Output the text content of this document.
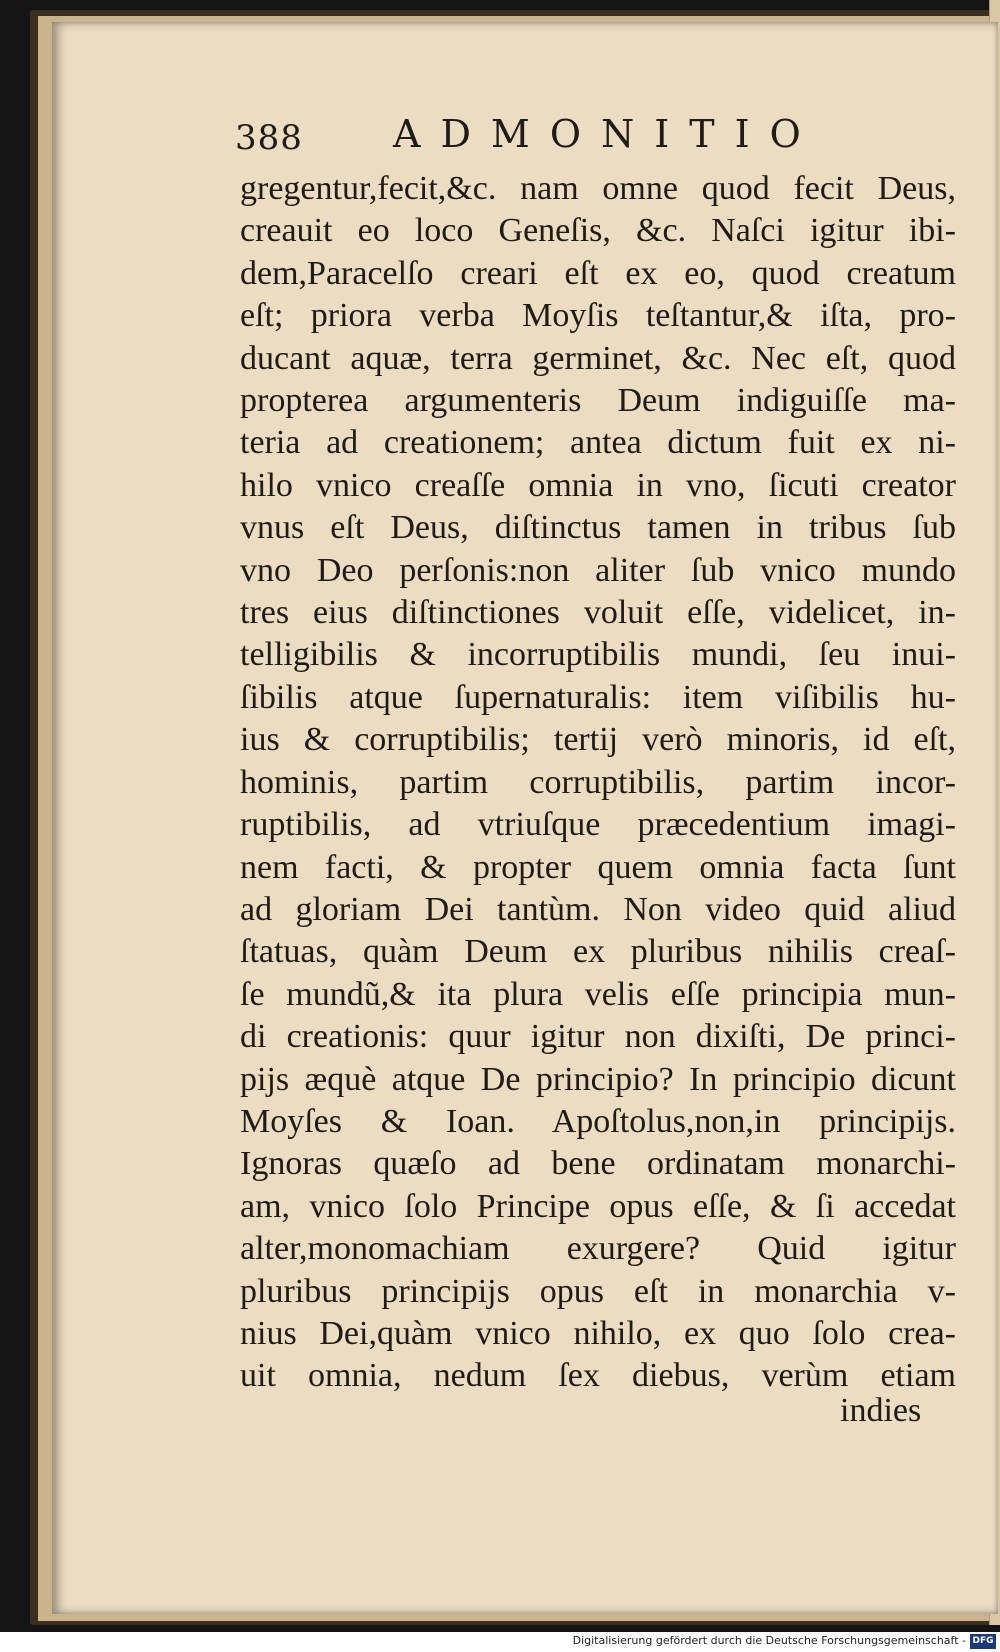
388 ADMONITIO
gregentur,fecit,&c. nam omne quod fecit Deus,
creauit eo loco Geneſis, &c. Naſci igitur ibi-
dem,Paracelſo creari eſt ex eo, quod creatum
eſt; priora verba Moyſis teſtantur,& iſta, pro-
ducant aquæ, terra germinet, &c. Nec eſt, quod
propterea argumenteris Deum indiguiſſe ma-
teria ad creationem; antea dictum fuit ex ni-
hilo vnico creaſſe omnia in vno, ſicuti creator
vnus eſt Deus, diſtinctus tamen in tribus ſub
vno Deo perſonis:non aliter ſub vnico mundo
tres eius diſtinctiones voluit eſſe, videlicet, in-
telligibilis & incorruptibilis mundi, ſeu inui-
ſibilis atque ſupernaturalis: item viſibilis hu-
ius & corruptibilis; tertij verò minoris, id eſt,
hominis, partim corruptibilis, partim incor-
ruptibilis, ad vtriuſque præcedentium imagi-
nem facti, & propter quem omnia facta ſunt
ad gloriam Dei tantùm. Non video quid aliud
ſtatuas, quàm Deum ex pluribus nihilis creaſ-
ſe mundũ,& ita plura velis eſſe principia mun-
di creationis: quur igitur non dixiſti, De princi-
pijs æquè atque De principio? In principio dicunt
Moyſes & Ioan. Apoſtolus,non,in principijs.
Ignoras quæſo ad bene ordinatam monarchi-
am, vnico ſolo Principe opus eſſe, & ſi accedat
alter,monomachiam exurgere? Quid igitur
pluribus principijs opus eſt in monarchia v-
nius Dei,quàm vnico nihilo, ex quo ſolo crea-
uit omnia, nedum ſex diebus, verùm etiam
indies
Digitalisierung gefördert durch die Deutsche Forschungsgemeinschaft - DFG
